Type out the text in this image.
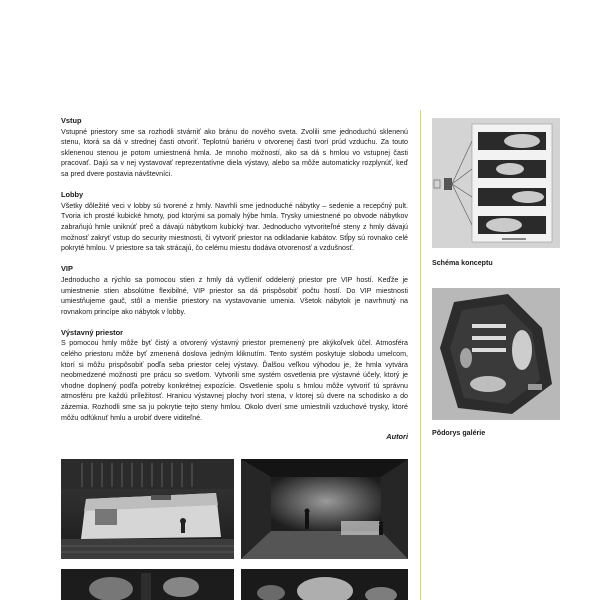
Vstup

Vstupné priestory sme sa rozhodli stvárniť ako bránu do nového sveta. Zvolili sme jednoduchú sklenenú stenu, ktorá sa dá v strednej časti otvoriť. Teplotnú bariéru v otvorenej časti tvorí prúd vzduchu. Za touto sklenenou stenou je potom umiestnená hmla. Je mnoho možností, ako sa dá s hmlou vo vstupnej časti pracovať. Dajú sa v nej vystavovať reprezentatívne diela výstavy, alebo sa môže automaticky rozplynúť, keď sa pred dvere postavia návštevníci.

Lobby

Všetky dôležité veci v lobby sú tvorené z hmly. Navrhli sme jednoduché nábytky – sedenie a recepčný pult. Tvoria ich prosté kubické hmoty, pod ktorými sa pomaly hýbe hmla. Trysky umiestnené po obvode nábytkov zabraňujú hmle uniknúť preč a dávajú nábytkom kubický tvar. Jednoducho vytvoriteľné steny z hmly dávajú možnosť zakryť vstup do security miestnosti, či vytvoriť priestor na odkladanie kabátov. Stĺpy sú rovnako celé pokryté hmlou. V priestore sa tak strácajú, čo celému miestu dodáva otvorenosť a vzdušnosť.

VIP

Jednoducho a rýchlo sa pomocou stien z hmly dá vyčleniť oddelený priestor pre VIP hostí. Keďže je umiestnenie stien absolútne flexibilné, VIP priestor sa dá prispôsobiť počtu hostí. Do VIP miestnosti umiestňujeme gauč, stôl a menšie priestory na vystavovanie umenia. Všetok nábytok je navrhnutý na rovnakom princípe ako nábytok v lobby.

Výstavný priestor

S pomocou hmly môže byť čistý a otvorený výstavný priestor premenený pre akýkoľvek účel. Atmosféra celého priestoru môže byť zmenená doslova jedným kliknutím. Tento systém poskytuje slobodu umelcom, ktorí si môžu prispôsobiť podľa seba priestor celej výstavy. Ďalšou veľkou výhodou je, že hmla vytvára neobmedzené možnosti pre prácu so svetlom. Vytvorili sme systém osvetlenia pre výstavné účely, ktorý je vhodne doplnený podľa potreby konkrétnej expozície. Osvetlenie spolu s hmlou môže vytvoriť tú správnu atmosféru pre každú príležitosť. Hranicu výstavnej plochy tvorí stena, v ktorej sú dvere na schodisko a do zázemia. Rozhodli sme sa ju pokrytie tejto steny hmlou. Okolo dverí sme umiestnili vzduchové trysky, ktoré môžu odfúknuť hmlu a urobiť dvere viditeľné.

Autori
Schéma konceptu
Pôdorys galérie
